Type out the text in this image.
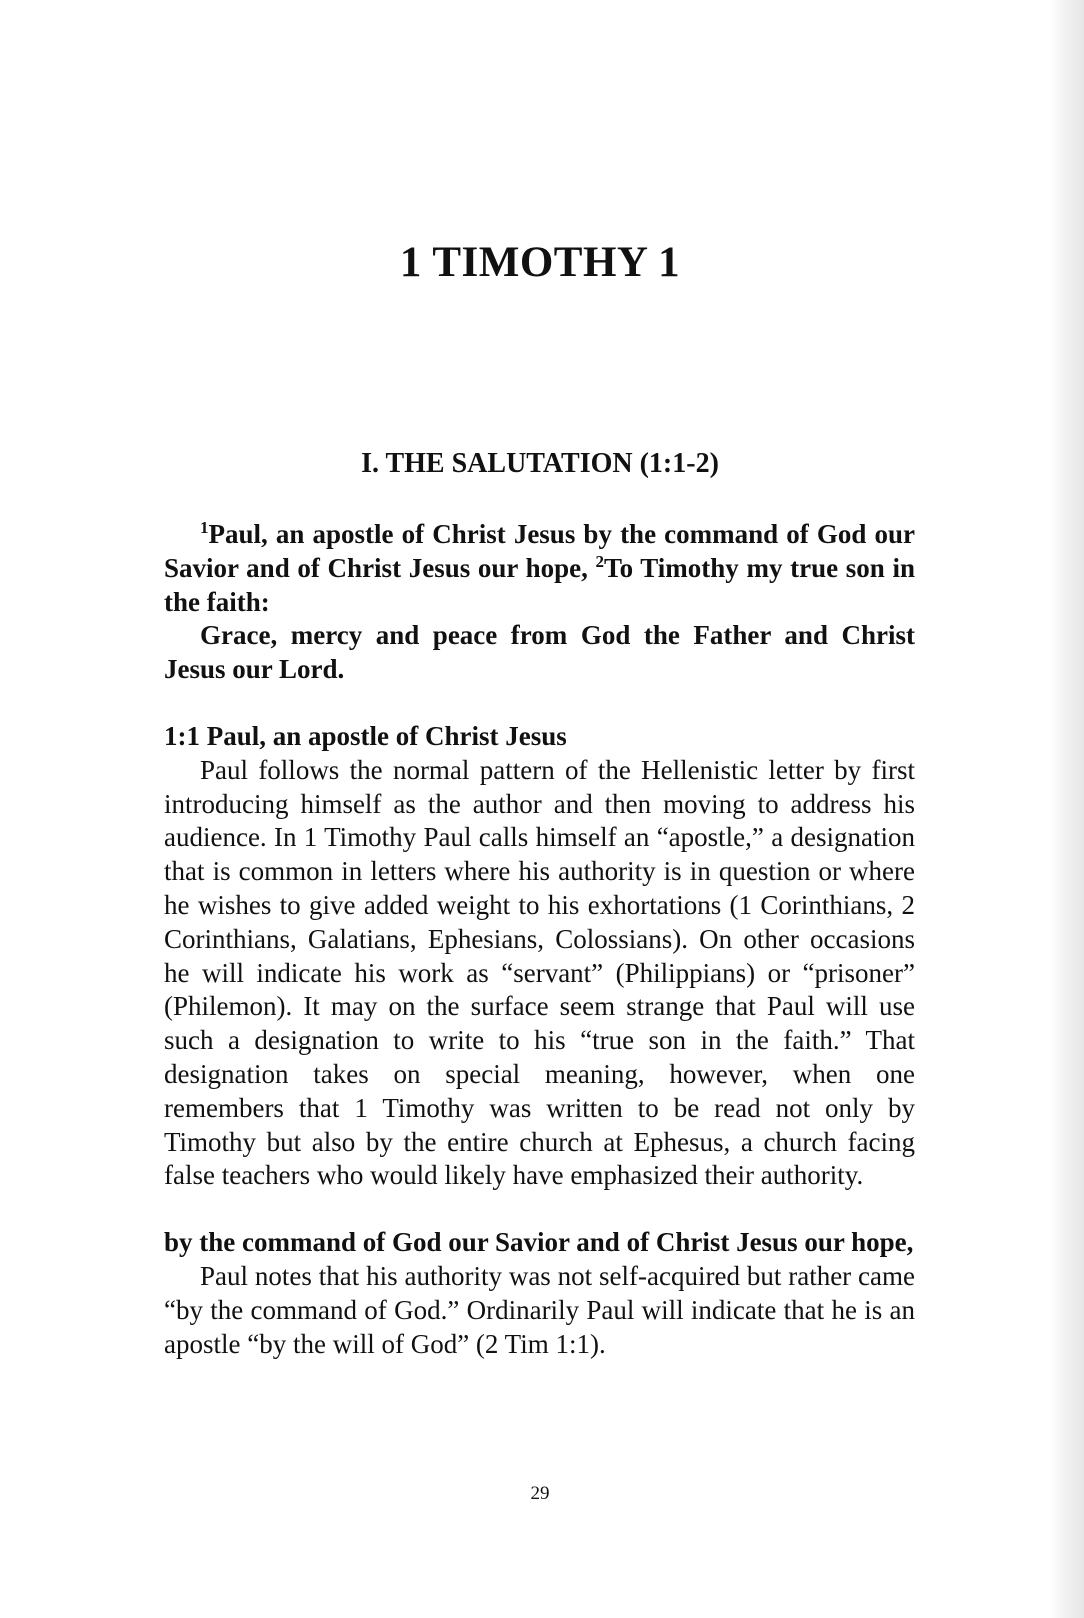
1 TIMOTHY 1
I. THE SALUTATION (1:1-2)

$^1$Paul, an apostle of Christ Jesus by the command of God our Savior and of Christ Jesus our hope, $^2$To Timothy my true son in the faith:

Grace, mercy and peace from God the Father and Christ Jesus our Lord.

1:1 Paul, an apostle of Christ Jesus

Paul follows the normal pattern of the Hellenistic letter by first introducing himself as the author and then moving to address his audience. In 1 Timothy Paul calls himself an “apostle,” a designation that is common in letters where his authority is in question or where he wishes to give added weight to his exhortations (1 Corinthians, 2 Corinthians, Galatians, Ephesians, Colossians). On other occasions he will indicate his work as “servant” (Philippians) or “prisoner” (Philemon). It may on the surface seem strange that Paul will use such a designation to write to his “true son in the faith.” That designation takes on special meaning, however, when one remembers that 1 Timothy was written to be read not only by Timothy but also by the entire church at Ephesus, a church facing false teachers who would likely have emphasized their authority.

by the command of God our Savior and of Christ Jesus our hope,

Paul notes that his authority was not self-acquired but rather came “by the command of God.” Ordinarily Paul will indicate that he is an apostle “by the will of God” (2 Tim 1:1).

29
